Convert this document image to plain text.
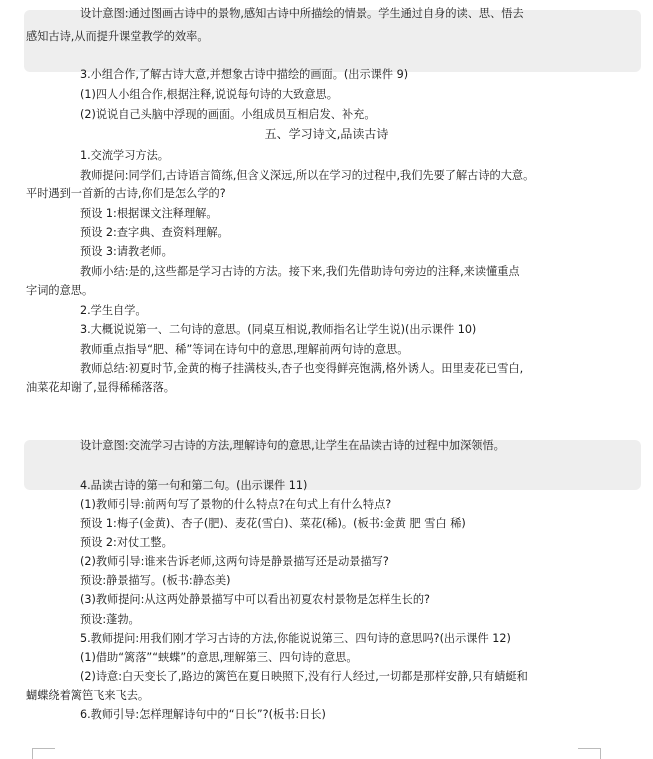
设计意图:通过图画古诗中的景物,感知古诗中所描绘的情景。学生通过自身的读、思、悟去
感知古诗,从而提升课堂教学的效率。
3.小组合作,了解古诗大意,并想象古诗中描绘的画面。(出示课件 9)
(1)四人小组合作,根据注释,说说每句诗的大致意思。
(2)说说自己头脑中浮现的画面。小组成员互相启发、补充。
五、学习诗文,品读古诗
1.交流学习方法。
教师提问:同学们,古诗语言简练,但含义深远,所以在学习的过程中,我们先要了解古诗的大意。
平时遇到一首新的古诗,你们是怎么学的?
预设 1:根据课文注释理解。
预设 2:查字典、查资料理解。
预设 3:请教老师。
教师小结:是的,这些都是学习古诗的方法。接下来,我们先借助诗句旁边的注释,来读懂重点
字词的意思。
2.学生自学。
3.大概说说第一、二句诗的意思。(同桌互相说,教师指名让学生说)(出示课件 10)
教师重点指导“肥、稀”等词在诗句中的意思,理解前两句诗的意思。
教师总结:初夏时节,金黄的梅子挂满枝头,杏子也变得鲜亮饱满,格外诱人。田里麦花已雪白,
油菜花却谢了,显得稀稀落落。
设计意图:交流学习古诗的方法,理解诗句的意思,让学生在品读古诗的过程中加深领悟。
4.品读古诗的第一句和第二句。(出示课件 11)
(1)教师引导:前两句写了景物的什么特点?在句式上有什么特点?
预设 1:梅子(金黄)、杏子(肥)、麦花(雪白)、菜花(稀)。(板书:金黄 肥 雪白 稀)
预设 2:对仗工整。
(2)教师引导:谁来告诉老师,这两句诗是静景描写还是动景描写?
预设:静景描写。(板书:静态美)
(3)教师提问:从这两处静景描写中可以看出初夏农村景物是怎样生长的?
预设:蓬勃。
5.教师提问:用我们刚才学习古诗的方法,你能说说第三、四句诗的意思吗?(出示课件 12)
(1)借助“篱落”“蛱蝶”的意思,理解第三、四句诗的意思。
(2)诗意:白天变长了,路边的篱笆在夏日映照下,没有行人经过,一切都是那样安静,只有蜻蜓和
蝴蝶绕着篱笆飞来飞去。
6.教师引导:怎样理解诗句中的“日长”?(板书:日长)
